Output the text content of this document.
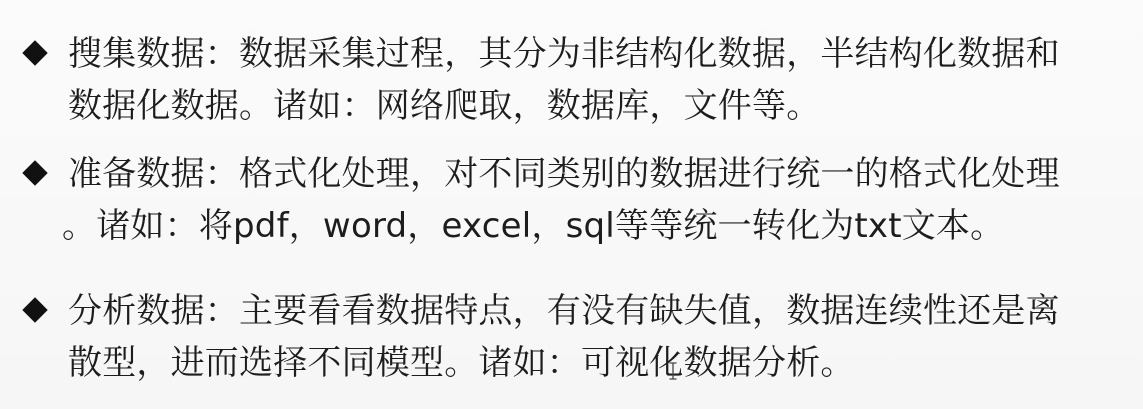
搜集数据：数据采集过程，其分为非结构化数据，半结构化数据和
数据化数据。诸如：网络爬取，数据库，文件等。
准备数据：格式化处理，对不同类别的数据进行统一的格式化处理
。诸如：将pdf，word，excel，sql等等统一转化为txt文本。
分析数据：主要看看数据特点，有没有缺失值，数据连续性还是离
散型，进而选择不同模型。诸如：可视化数据分析。
